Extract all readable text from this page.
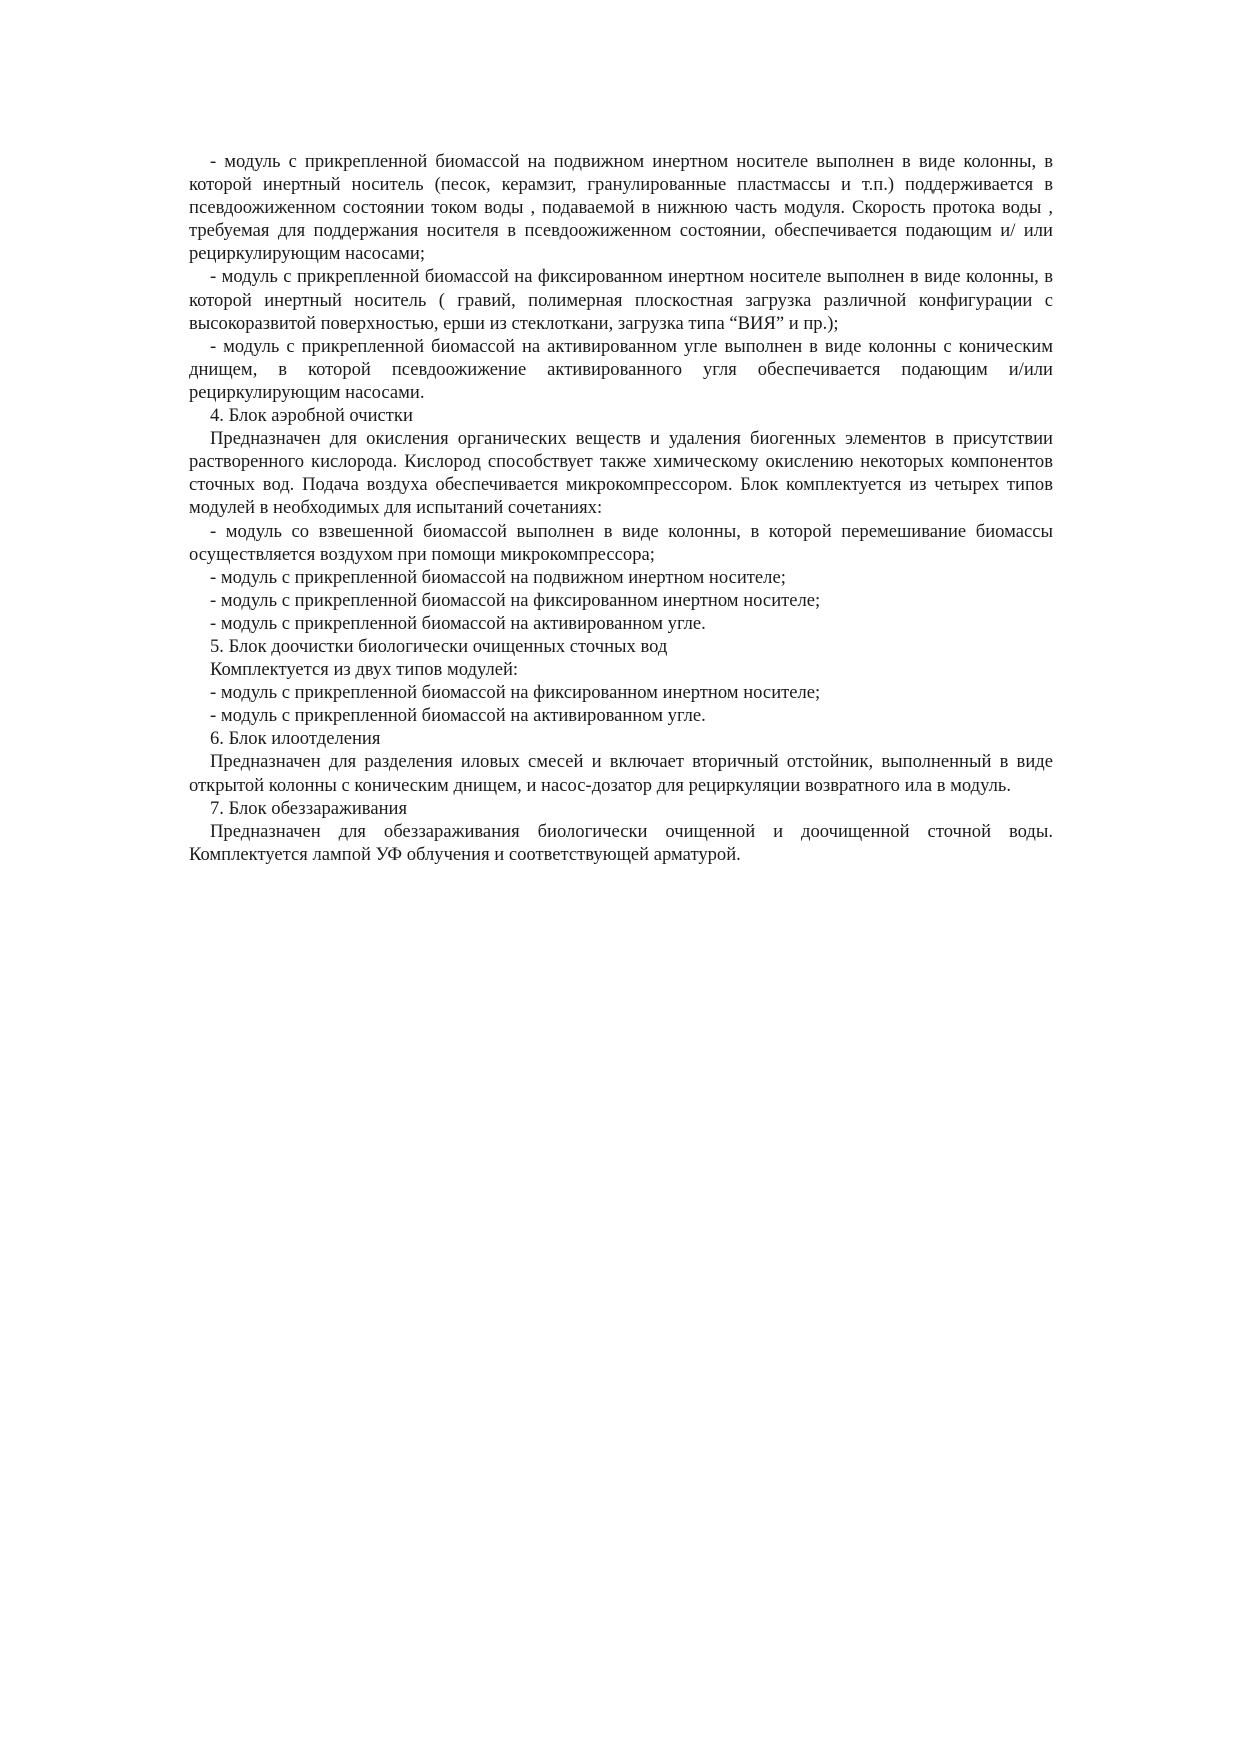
- модуль с прикрепленной биомассой на подвижном инертном носителе выполнен в виде колонны, в которой инертный носитель (песок, керамзит, гранулированные пластмассы и т.п.) поддерживается в псевдоожиженном состоянии током воды , подаваемой в нижнюю часть модуля. Скорость протока воды , требуемая для поддержания носителя в псевдоожиженном состоянии, обеспечивается подающим и/ или рециркулирующим насосами;

- модуль с прикрепленной биомассой на фиксированном инертном носителе выполнен в виде колонны, в которой инертный носитель ( гравий, полимерная плоскостная загрузка различной конфигурации с высокоразвитой поверхностью, ерши из стеклоткани, загрузка типа “ВИЯ” и пр.);

- модуль с прикрепленной биомассой на активированном угле выполнен в виде колонны с коническим днищем, в которой псевдоожижение активированного угля обеспечивается подающим и/или рециркулирующим насосами.

4. Блок аэробной очистки

Предназначен для окисления органических веществ и удаления биогенных элементов в присутствии растворенного кислорода. Кислород способствует также химическому окислению некоторых компонентов сточных вод. Подача воздуха обеспечивается микрокомпрессором. Блок комплектуется из четырех типов модулей в необходимых для испытаний сочетаниях:

- модуль со взвешенной биомассой выполнен в виде колонны, в которой перемешивание биомассы осуществляется воздухом при помощи микрокомпрессора;

- модуль с прикрепленной биомассой на подвижном инертном носителе;

- модуль с прикрепленной биомассой на фиксированном инертном носителе;

- модуль с прикрепленной биомассой на активированном угле.

5. Блок доочистки биологически очищенных сточных вод

Комплектуется из двух типов модулей:

- модуль с прикрепленной биомассой на фиксированном инертном носителе;

- модуль с прикрепленной биомассой на активированном угле.

6. Блок илоотделения

Предназначен для разделения иловых смесей и включает вторичный отстойник, выполненный в виде открытой колонны с коническим днищем, и насос-дозатор для рециркуляции возвратного ила в модуль.

7. Блок обеззараживания

Предназначен для обеззараживания биологически очищенной и доочищенной сточной воды. Комплектуется лампой УФ облучения и соответствующей арматурой.
